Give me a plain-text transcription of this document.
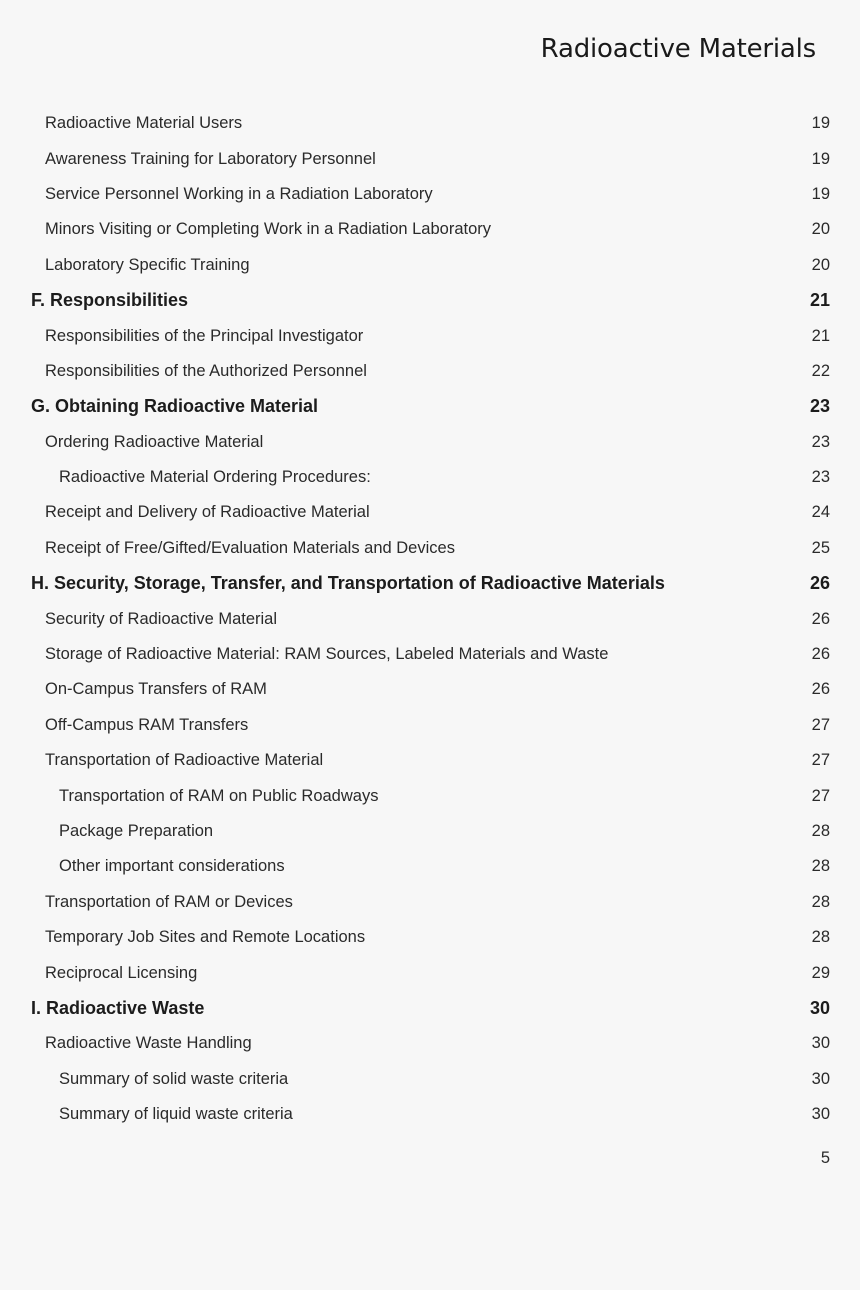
Radioactive Materials
Radioactive Material Users	19
Awareness Training for Laboratory Personnel	19
Service Personnel Working in a Radiation Laboratory	19
Minors Visiting or Completing Work in a Radiation Laboratory	20
Laboratory Specific Training	20
F. Responsibilities	21
Responsibilities of the Principal Investigator	21
Responsibilities of the Authorized Personnel	22
G. Obtaining Radioactive Material	23
Ordering Radioactive Material	23
Radioactive Material Ordering Procedures:	23
Receipt and Delivery of Radioactive Material	24
Receipt of Free/Gifted/Evaluation Materials and Devices	25
H. Security, Storage, Transfer, and Transportation of Radioactive Materials	26
Security of Radioactive Material	26
Storage of Radioactive Material: RAM Sources, Labeled Materials and Waste	26
On-Campus Transfers of RAM	26
Off-Campus RAM Transfers	27
Transportation of Radioactive Material	27
Transportation of RAM on Public Roadways	27
Package Preparation	28
Other important considerations	28
Transportation of RAM or Devices	28
Temporary Job Sites and Remote Locations	28
Reciprocal Licensing	29
I. Radioactive Waste	30
Radioactive Waste Handling	30
Summary of solid waste criteria	30
Summary of liquid waste criteria	30
5
